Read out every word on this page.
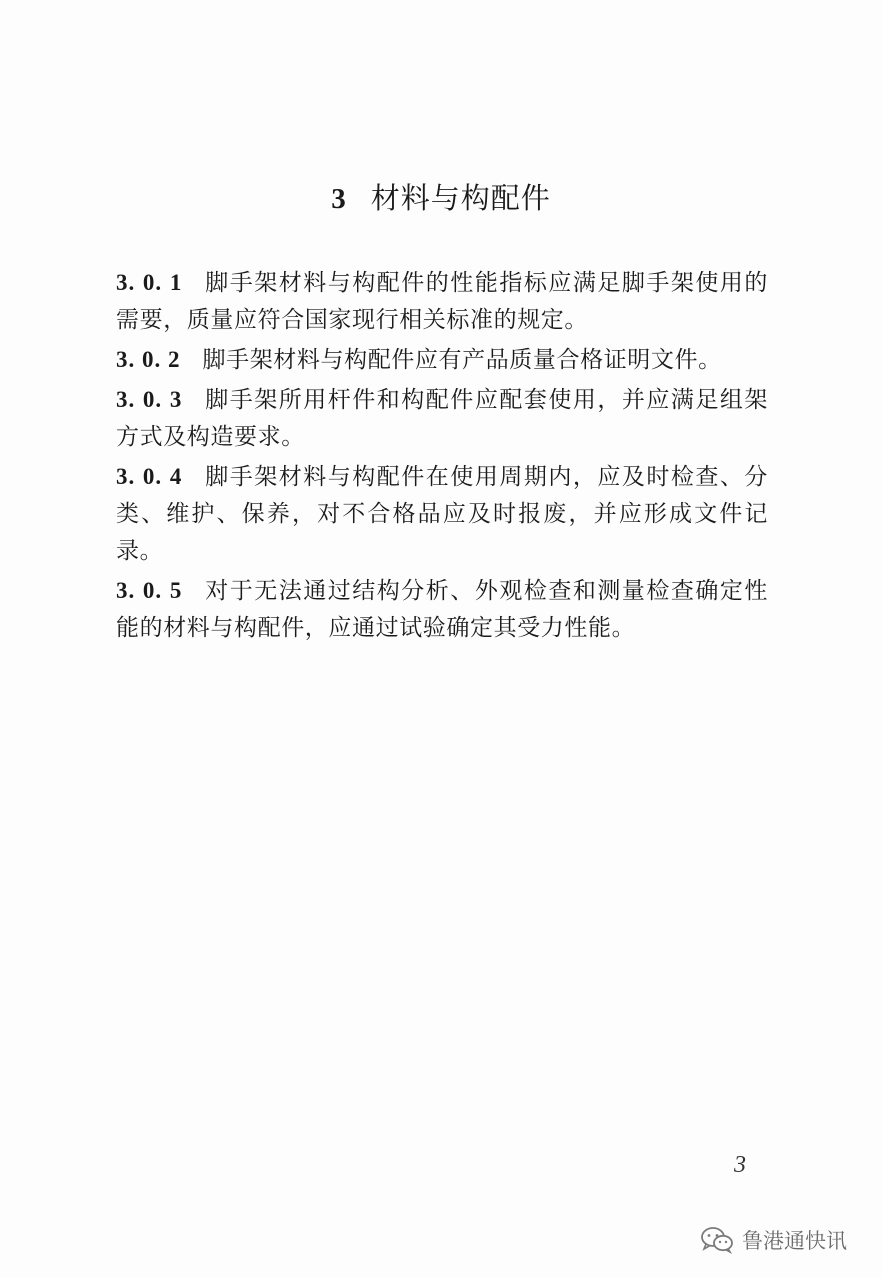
3 材料与构配件

3. 0. 1 脚手架材料与构配件的性能指标应满足脚手架使用的需要，质量应符合国家现行相关标准的规定。

3. 0. 2 脚手架材料与构配件应有产品质量合格证明文件。

3. 0. 3 脚手架所用杆件和构配件应配套使用，并应满足组架方式及构造要求。

3. 0. 4 脚手架材料与构配件在使用周期内，应及时检查、分类、维护、保养，对不合格品应及时报废，并应形成文件记录。

3. 0. 5 对于无法通过结构分析、外观检查和测量检查确定性能的材料与构配件，应通过试验确定其受力性能。

3
鲁港通快讯
